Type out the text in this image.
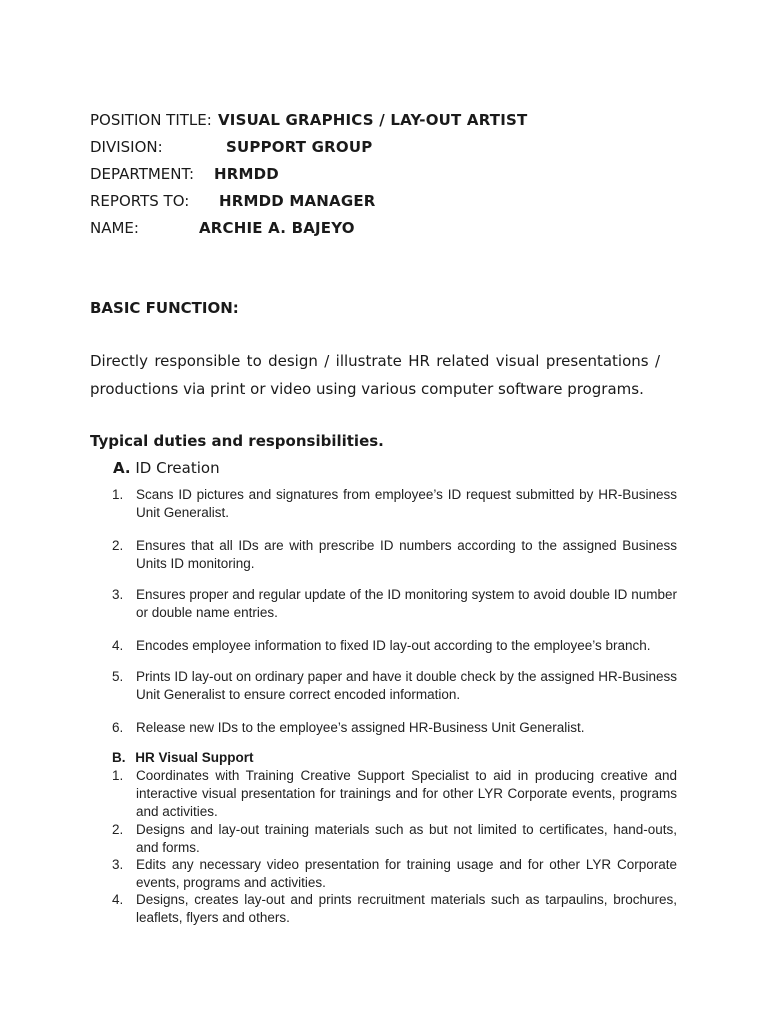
POSITION TITLE: VISUAL GRAPHICS / LAY-OUT ARTIST
DIVISION:	SUPPORT GROUP
DEPARTMENT: HRMDD
REPORTS TO: HRMDD MANAGER
NAME:	ARCHIE A. BAJEYO
BASIC FUNCTION:
Directly responsible to design / illustrate HR related visual presentations / productions via print or video using various computer software programs.
Typical duties and responsibilities.
A. ID Creation
1. Scans ID pictures and signatures from employee’s ID request submitted by HR-Business Unit Generalist.
2. Ensures that all IDs are with prescribe ID numbers according to the assigned Business Units ID monitoring.
3. Ensures proper and regular update of the ID monitoring system to avoid double ID number or double name entries.
4. Encodes employee information to fixed ID lay-out according to the employee’s branch.
5. Prints ID lay-out on ordinary paper and have it double check by the assigned HR-Business Unit Generalist to ensure correct encoded information.
6. Release new IDs to the employee’s assigned HR-Business Unit Generalist.
B. HR Visual Support
1. Coordinates with Training Creative Support Specialist to aid in producing creative and interactive visual presentation for trainings and for other LYR Corporate events, programs and activities.
2. Designs and lay-out training materials such as but not limited to certificates, hand-outs, and forms.
3. Edits any necessary video presentation for training usage and for other LYR Corporate events, programs and activities.
4. Designs, creates lay-out and prints recruitment materials such as tarpaulins, brochures, leaflets, flyers and others.
